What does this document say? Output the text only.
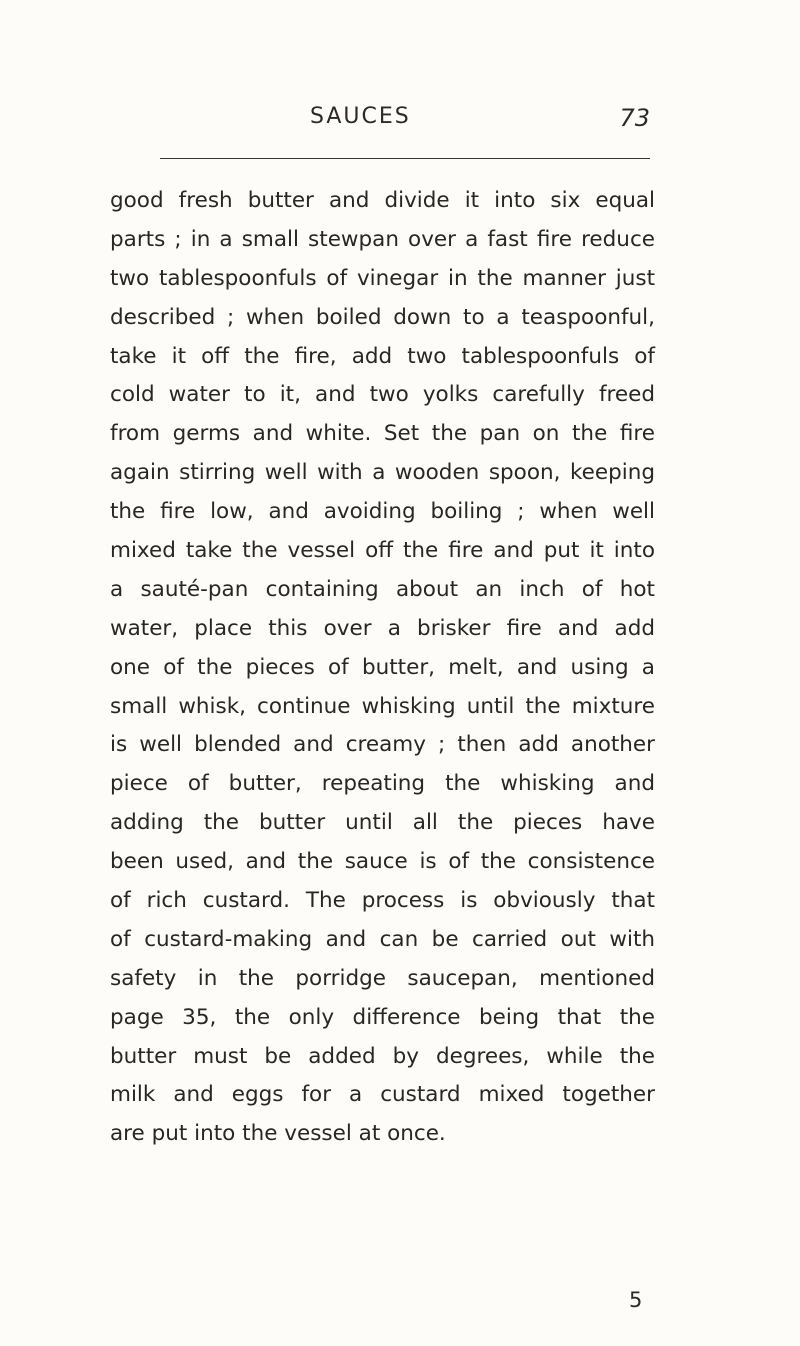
SAUCES	73
good fresh butter and divide it into six equal
parts ; in a small stewpan over a fast fire reduce
two tablespoonfuls of vinegar in the manner just
described ; when boiled down to a teaspoonful,
take it off the fire, add two tablespoonfuls of
cold water to it, and two yolks carefully freed
from germs and white. Set the pan on the fire
again stirring well with a wooden spoon, keeping
the fire low, and avoiding boiling ; when well
mixed take the vessel off the fire and put it into
a sauté-pan containing about an inch of hot
water, place this over a brisker fire and add
one of the pieces of butter, melt, and using a
small whisk, continue whisking until the mixture
is well blended and creamy ; then add another
piece of butter, repeating the whisking and
adding the butter until all the pieces have
been used, and the sauce is of the consistence
of rich custard. The process is obviously that
of custard-making and can be carried out with
safety in the porridge saucepan, mentioned
page 35, the only difference being that the
butter must be added by degrees, while the
milk and eggs for a custard mixed together
are put into the vessel at once.
5
